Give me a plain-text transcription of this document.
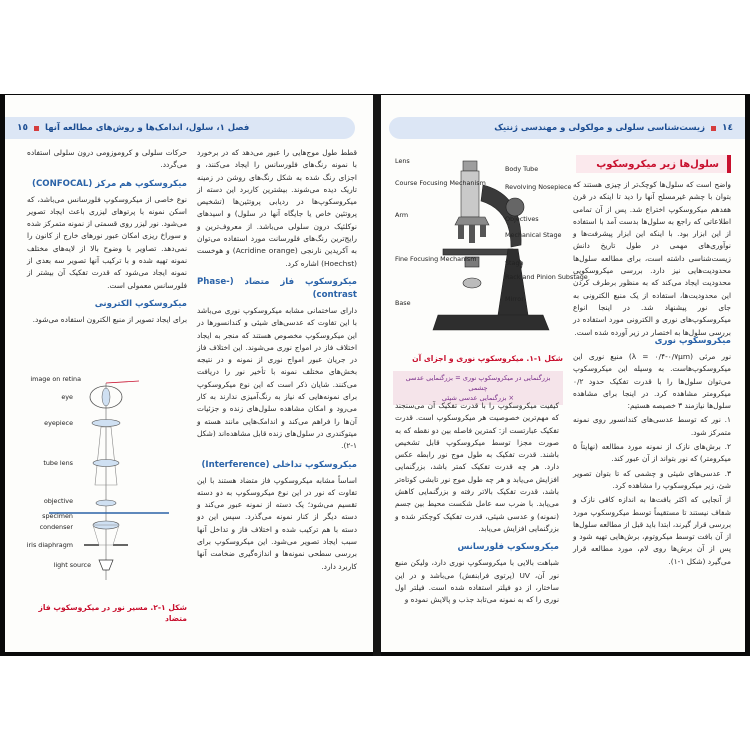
١٥ فصل ۱، سلول، اندامک‌ها و روش‌های مطالعه آنها

قطط طول موج‌هایی را عبور می‌دهد که در برخورد با نمونه رنگ‌های فلورسانس را ایجاد می‌کنند، و اجزای رنگ شده به شکل رنگ‌های روشن در زمینه تاریک دیده می‌شوند. بیشترین کاربرد این دسته از میکروسکوپ‌ها در ردیابی پروتئین‌ها (تشخیص پروتئین خاص یا جایگاه آنها در سلول) و اسیدهای نوکلئیک درون سلولی می‌باشد. از معروف‌ترین و رایج‌ترین رنگ‌های فلورسانت مورد استفاده می‌توان به آکریدین نارنجی (Acridine orange) و هوخست (Hoechst) اشاره کرد.

میکروسکوپ فاز متضاد (Phase-contrast)

دارای ساختمانی مشابه میکروسکوپ نوری می‌باشد با این تفاوت که عدسی‌های شیئی و کندانسورها در این میکروسکوپ مخصوص هستند که منجر به ایجاد اختلاف فاز در امواج نوری می‌شوند. این اختلاف فاز در جریان عبور امواج نوری از نمونه و در نتیجه بخش‌های مختلف نمونه با تأخیر نور را دریافت می‌کنند. شایان ذکر است که این نوع میکروسکوپ برای نمونه‌هایی که نیاز به رنگ‌آمیزی ندارند به کار می‌رود و امکان مشاهده سلول‌های زنده و جزئیات آن‌ها را فراهم می‌کند و اندامک‌هایی مانند هسته و میتوکندری در سلول‌های زنده قابل مشاهده‌اند (شکل ۱-۲).

میکروسکوپ تداخلی (Interference)

اساساً مشابه میکروسکوپ فاز متضاد هستند با این تفاوت که نور در این نوع میکروسکوپ به دو دسته تقسیم می‌شود؛ یک دسته از نمونه عبور می‌کند و دسته دیگر از کنار نمونه می‌گذرد. سپس این دو دسته با هم ترکیب شده و اختلاف فاز و تداخل آنها سبب ایجاد تصویر می‌شود. این میکروسکوپ برای بررسی سطحی نمونه‌ها و اندازه‌گیری ضخامت آنها کاربرد دارد.

حرکات سلولی و کروموزومی درون سلولی استفاده می‌گردد.

میکروسکوپ هم مرکز (CONFOCAL)

نوع خاصی از میکروسکوپ فلورسانس می‌باشد، که اسکن نمونه با پرتوهای لیزری باعث ایجاد تصویر می‌شود. نور لیزر روی قسمتی از نمونه متمرکز شده و سوراخ ریزی امکان عبور نورهای خارج از کانون را نمی‌دهد. تصاویر با وضوح بالا از لایه‌های مختلف نمونه تهیه شده و با ترکیب آنها تصویر سه بعدی از نمونه ایجاد می‌شود که قدرت تفکیک آن بیشتر از فلورسانس معمولی است.

میکروسکوپ الکترونی

برای ایجاد تصویر از منبع الکترون استفاده می‌شود.

image on retina
eye
eyepiece
tube lens
objective
specimen
condenser
iris diaphragm
light source
شکل ۱-۲. مسیر نور در میکروسکوپ فاز متضاد
١٤
زیست‌شناسی سلولی و مولکولی و مهندسی ژنتیک
سلول‌ها زیر میکروسکوپ

واضح است که سلول‌ها کوچک‌تر از چیزی هستند که بتوان با چشم غیرمسلح آنها را دید تا اینکه در قرن هفدهم میکروسکوپ اختراع شد. پس از آن تمامی اطلاعاتی که راجع به سلول‌ها بدست آمد با استفاده از این ابزار بود. با اینکه این ابزار پیشرفت‌ها و نوآوری‌های مهمی در طول تاریخ دانش زیست‌شناسی داشته است، برای مطالعه سلول‌ها محدودیت‌هایی نیز دارد. بررسی میکروسکوپی محدودیت ایجاد می‌کند که به منظور برطرف کردن این محدودیت‌ها، استفاده از یک منبع الکترونی به جای نور پیشنهاد شد. در اینجا انواع میکروسکوپ‌های نوری و الکترونی مورد استفاده در بررسی سلول‌ها به اختصار در زیر آورده شده است.

میکروسکوپ نوری

نور مرئی (λ = ۰/۴-۰/۷μm) منبع نوری این میکروسکوپ‌هاست. به وسیله این میکروسکوپ می‌توان سلول‌ها را با قدرت تفکیک حدود ۰/۲ میکرومتر مشاهده کرد. در اینجا برای مشاهده سلول‌ها نیازمند ۳ خصیصه هستیم:

۱. نور که توسط عدسی‌های کندانسور روی نمونه متمرکز شود.

۲. برش‌های نازک از نمونه مورد مطالعه (نهایتاً ۵ میکرومتر) که نور بتواند از آن عبور کند.

۳. عدسی‌های شیئی و چشمی که تا بتوان تصویر شئ، زیر میکروسکوپ را مشاهده کرد.

از آنجایی که اکثر بافت‌ها به اندازه کافی نازک و شفاف نیستند تا مستقیماً توسط میکروسکوپ مورد بررسی قرار گیرند، ابتدا باید قبل از مطالعه سلول‌ها از آن بافت توسط میکروتوم، برش‌هایی تهیه شود و پس از آن برش‌ها روی لام، مورد مطالعه قرار می‌گیرد (شکل ۱-۱).

Lens
Course Focusing Mechanism
Arm
Fine Focusing Mechanism
Base
Body Tube
Revolving Nosepiece
Objectives
Mechanical Stage
Stage
Rack and Pinion Substage
Mirror
شکل ۱-۱. میکروسکوپ نوری و اجزای آن
بزرگنمایی در میکروسکوپ نوری = بزرگنمایی عدسی چشمی
× بزرگنمایی عدسی شیئی

کیفیت میکروسکوپ را با قدرت تفکیک آن می‌سنجند که مهم‌ترین خصوصیت هر میکروسکوپ است. قدرت تفکیک عبارتست از: کمترین فاصله بین دو نقطه که به صورت مجزا توسط میکروسکوپ قابل تشخیص باشند. قدرت تفکیک به طول موج نور رابطه عکس دارد. هر چه قدرت تفکیک کمتر باشد، بزرگنمایی افزایش می‌یابد و هر چه طول موج نور تابشی کوتاه‌تر باشد، قدرت تفکیک بالاتر رفته و بزرگنمایی کاهش می‌یابد. با ضرب سه عامل شکست محیط بین جسم (نمونه) و عدسی شیئی، قدرت تفکیک کوچکتر شده و بزرگنمایی افزایش می‌یابد.

میکروسکوپ فلورسانس

شباهت بالایی با میکروسکوپ نوری دارد، ولیکن منبع نور آن، UV (پرتوی فرابنفش) می‌باشد و در این ساختار، از دو فیلتر استفاده شده است. فیلتر اول نوری را که به نمونه می‌تابد جذب و پالایش نموده و
